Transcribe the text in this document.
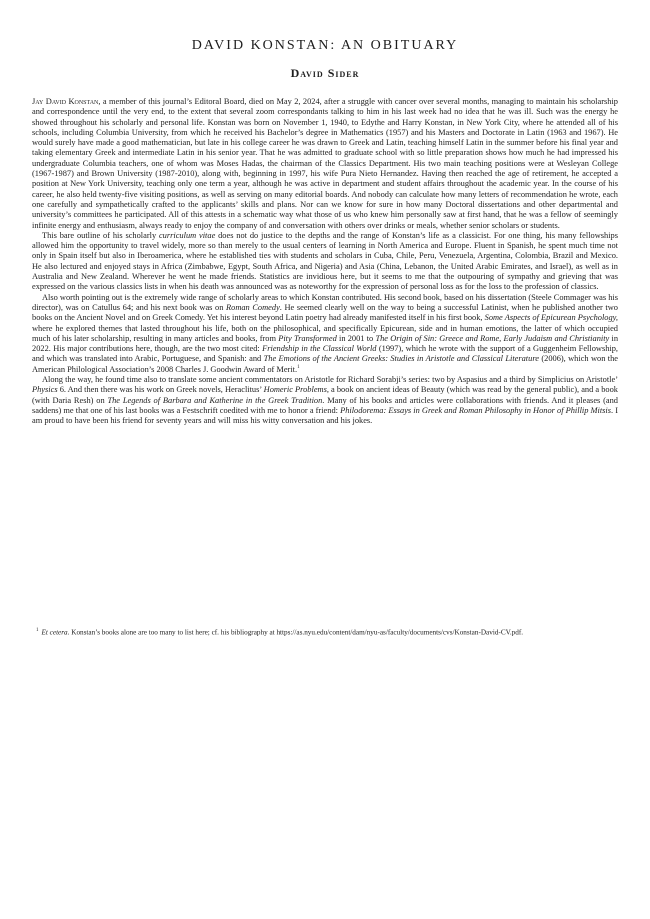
DAVID KONSTAN: AN OBITUARY
David Sider

Jay David Konstan, a member of this journal’s Editoral Board, died on May 2, 2024, after a struggle with cancer over several months, managing to maintain his scholarship and correspondence until the very end, to the extent that several zoom correspondants talking to him in his last week had no idea that he was ill. Such was the energy he showed throughout his scholarly and personal life. Konstan was born on November 1, 1940, to Edythe and Harry Konstan, in New York City, where he attended all of his schools, including Columbia University, from which he received his Bachelor’s degree in Mathematics (1957) and his Masters and Doctorate in Latin (1963 and 1967). He would surely have made a good mathematician, but late in his college career he was drawn to Greek and Latin, teaching himself Latin in the summer before his final year and taking elementary Greek and intermediate Latin in his senior year. That he was admitted to graduate school with so little preparation shows how much he had impressed his undergraduate Columbia teachers, one of whom was Moses Hadas, the chairman of the Classics Department. His two main teaching positions were at Wesleyan College (1967-1987) and Brown University (1987-2010), along with, beginning in 1997, his wife Pura Nieto Hernandez. Having then reached the age of retirement, he accepted a position at New York University, teaching only one term a year, although he was active in department and student affairs throughout the academic year. In the course of his career, he also held twenty-five visiting positions, as well as serving on many editorial boards. And nobody can calculate how many letters of recommendation he wrote, each one carefully and sympathetically crafted to the applicants’ skills and plans. Nor can we know for sure in how many Doctoral dissertations and other departmental and university’s committees he participated. All of this attests in a schematic way what those of us who knew him personally saw at first hand, that he was a fellow of seemingly infinite energy and enthusiasm, always ready to enjoy the company of and conversation with others over drinks or meals, whether senior scholars or students.

This bare outline of his scholarly curriculum vitae does not do justice to the depths and the range of Konstan’s life as a classicist. For one thing, his many fellowships allowed him the opportunity to travel widely, more so than merely to the usual centers of learning in North America and Europe. Fluent in Spanish, he spent much time not only in Spain itself but also in Iberoamerica, where he established ties with students and scholars in Cuba, Chile, Peru, Venezuela, Argentina, Colombia, Brazil and Mexico. He also lectured and enjoyed stays in Africa (Zimbabwe, Egypt, South Africa, and Nigeria) and Asia (China, Lebanon, the United Arabic Emirates, and Israel), as well as in Australia and New Zealand. Wherever he went he made friends. Statistics are invidious here, but it seems to me that the outpouring of sympathy and grieving that was expressed on the various classics lists in when his death was announced was as noteworthy for the expression of personal loss as for the loss to the profession of classics.

Also worth pointing out is the extremely wide range of scholarly areas to which Konstan contributed. His second book, based on his dissertation (Steele Commager was his director), was on Catullus 64; and his next book was on Roman Comedy. He seemed clearly well on the way to being a successful Latinist, when he published another two books on the Ancient Novel and on Greek Comedy. Yet his interest beyond Latin poetry had already manifested itself in his first book, Some Aspects of Epicurean Psychology, where he explored themes that lasted throughout his life, both on the philosophical, and specifically Epicurean, side and in human emotions, the latter of which occupied much of his later scholarship, resulting in many articles and books, from Pity Transformed in 2001 to The Origin of Sin: Greece and Rome, Early Judaism and Christianity in 2022. His major contributions here, though, are the two most cited: Friendship in the Classical World (1997), which he wrote with the support of a Guggenheim Fellowship, and which was translated into Arabic, Portuguese, and Spanish: and The Emotions of the Ancient Greeks: Studies in Aristotle and Classical Literature (2006), which won the American Philological Association’s 2008 Charles J. Goodwin Award of Merit.$^1$

Along the way, he found time also to translate some ancient commentators on Aristotle for Richard Sorabji’s series: two by Aspasius and a third by Simplicius on Aristotle’ Physics 6. And then there was his work on Greek novels, Heraclitus’ Homeric Problems, a book on ancient ideas of Beauty (which was read by the general public), and a book (with Daria Resh) on The Legends of Barbara and Katherine in the Greek Tradition. Many of his books and articles were collaborations with friends. And it pleases (and saddens) me that one of his last books was a Festschrift coedited with me to honor a friend: Philodorema: Essays in Greek and Roman Philosophy in Honor of Phillip Mitsis. I am proud to have been his friend for seventy years and will miss his witty conversation and his jokes.

$^1$ Et cetera. Konstan’s books alone are too many to list here; cf. his bibliography at https://as.nyu.edu/content/dam/nyu-as/faculty/documents/cvs/Konstan-David-CV.pdf.
